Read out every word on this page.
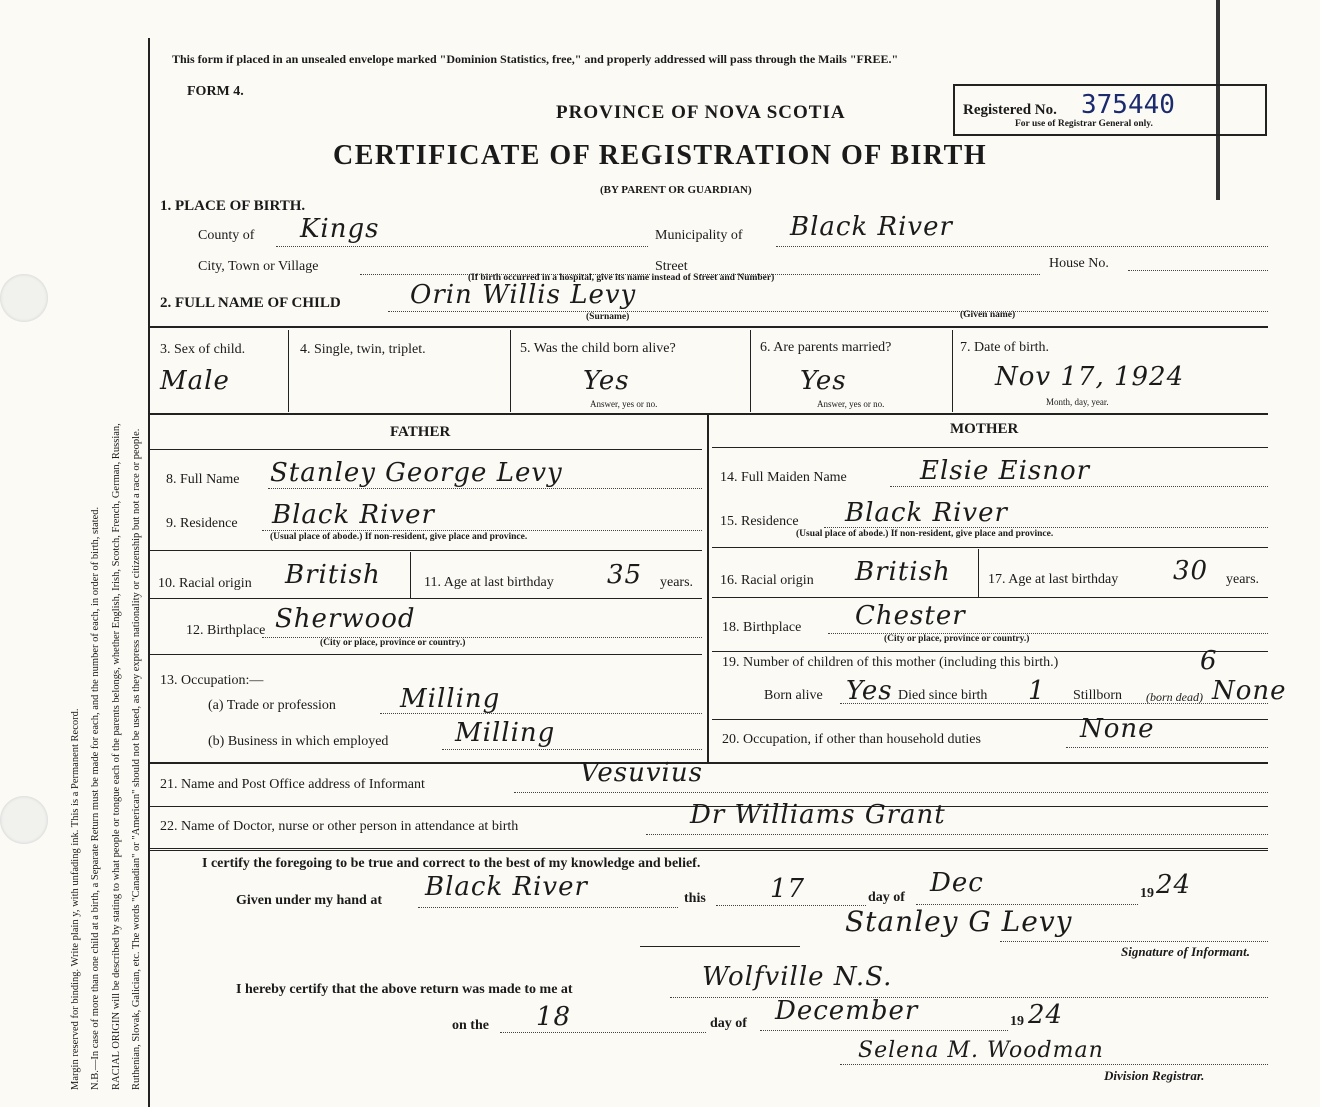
Margin reserved for binding. Write plain y, with unfading ink. This is a Permanent Record. N.B.—In case of more than one child at a birth, a Separate Return must be made for each, and the number of each, in order of birth, stated. RACIAL ORIGIN will be described by stating to what people or tongue each of the parents belongs, whether English, Irish, Scotch, French, German, Russian, Ruthenian, Slovak, Galician, etc. The words "Canadian" or "American" should not be used, as they express nationality or citizenship but not a race or people.
This form if placed in an unsealed envelope marked "Dominion Statistics, free," and properly addressed will pass through the Mails "FREE."
FORM 4.
PROVINCE OF NOVA SCOTIA
CERTIFICATE OF REGISTRATION OF BIRTH
(BY PARENT OR GUARDIAN)
Registered No. 375440
For use of Registrar General only.
1. PLACE OF BIRTH.
County of Kings	Municipality of Black River
City, Town or Village	Street	House No.
(If birth occurred in a hospital, give its name instead of Street and Number)
2. FULL NAME OF CHILD	Orin Willis Levy
(Surname)	(Given name)
3. Sex of child.
Male
4. Single, twin, triplet.	5. Was the child born alive?
Yes
Answer, yes or no.
6. Are parents married?
Yes
Answer, yes or no.
7. Date of birth.
Nov 17, 1924
Month, day, year.
FATHER	MOTHER
8. Full Name Stanley George Levy
9. Residence Black River
(Usual place of abode.) If non-resident, give place and province.
10. Racial origin British	11. Age at last birthday 35 years.
12. Birthplace Sherwood
(City or place, province or country.)
13. Occupation:—
(a) Trade or profession Milling
(b) Business in which employed	Milling
14. Full Maiden Name	Elsie Eisnor
15. Residence Black River
(Usual place of abode.) If non-resident, give place and province.
16. Racial origin British	17. Age at last birthday 30 years.
18. Birthplace Chester
(City or place, province or country.)
19. Number of children of this mother (including this birth.)	6
Born alive Yes Died since birth 1 Stillborn (born dead) None
20. Occupation, if other than household duties	None
21. Name and Post Office address of Informant	Vesuvius
22. Name of Doctor, nurse or other person in attendance at birth	Dr Williams Grant
I certify the foregoing to be true and correct to the best of my knowledge and belief.
Given under my hand at Black River	this 17	day of Dec	19 24
Stanley G Levy
Signature of Informant.
I hereby certify that the above return was made to me at	Wolfville N.S.
on the 18	day of December	19 24
Selena M. Woodman
Division Registrar.
